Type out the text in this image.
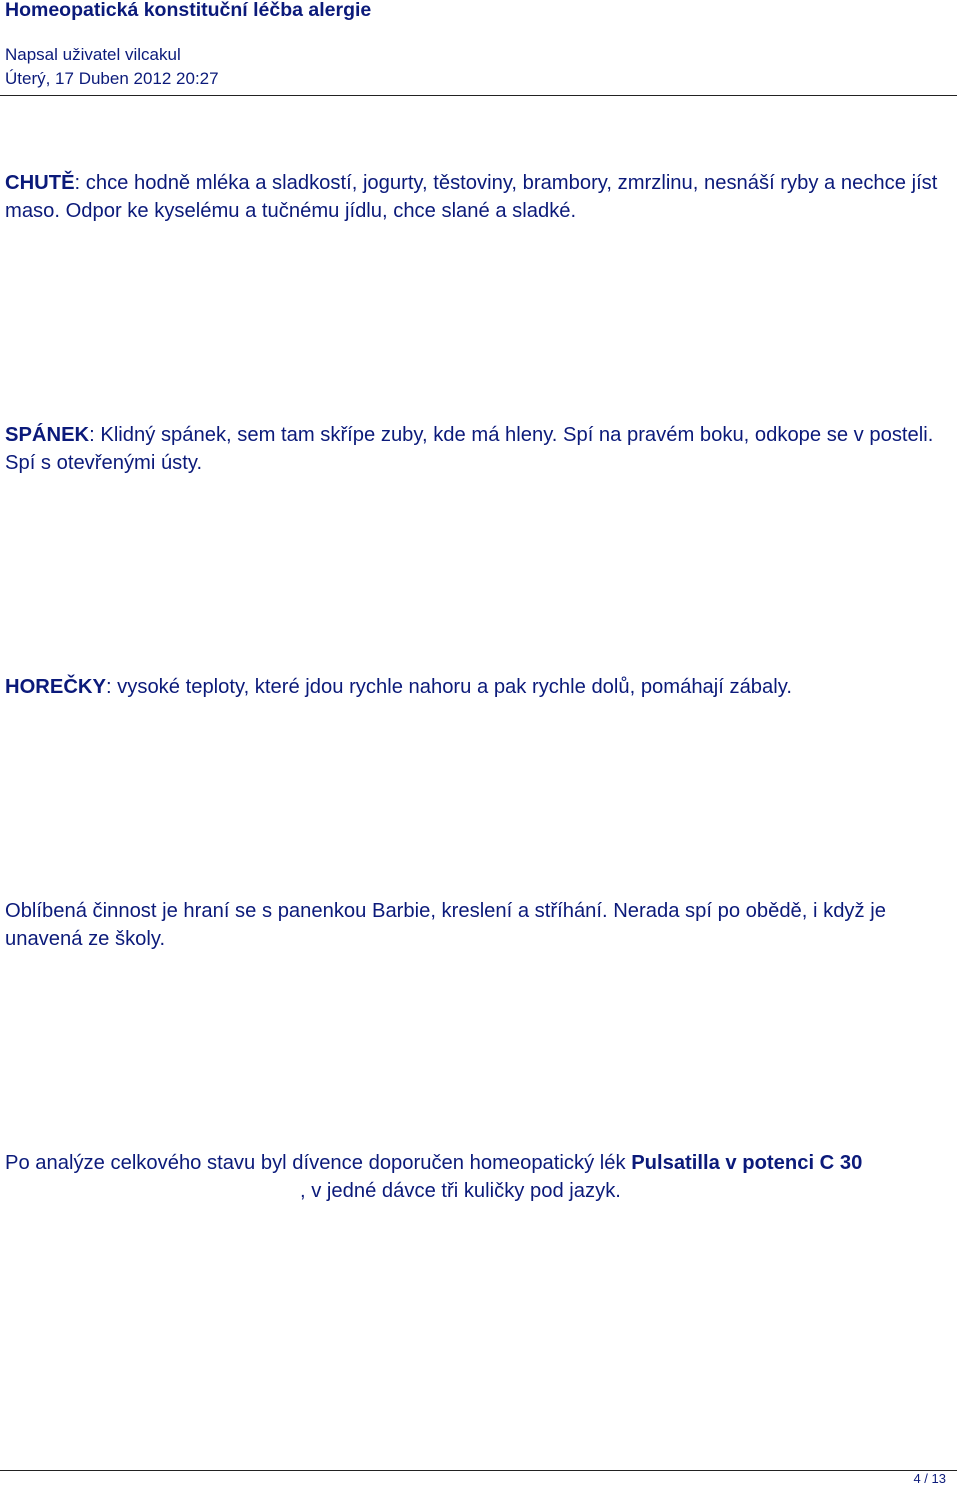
Homeopatická konstituční léčba alergie
Napsal uživatel vilcakul
Úterý, 17 Duben 2012 20:27
CHUTĚ: chce hodně mléka a sladkostí, jogurty, těstoviny, brambory, zmrzlinu, nesnáší ryby a nechce jíst maso. Odpor ke kyselému a tučnému jídlu, chce slané a sladké.
SPÁNEK: Klidný spánek, sem tam skřípe zuby, kde má hleny. Spí na pravém boku, odkope se v posteli. Spí s otevřenými ústy.
HOREČKY: vysoké teploty, které jdou rychle nahoru a pak rychle dolů, pomáhají zábaly.
Oblíbená činnost je hraní se s panenkou Barbie, kreslení a stříhání. Nerada spí po obědě, i když je unavená ze školy.
Po analýze celkového stavu byl dívence doporučen homeopatický lék Pulsatilla v potenci C 30, v jedné dávce tři kuličky pod jazyk.
4 / 13
